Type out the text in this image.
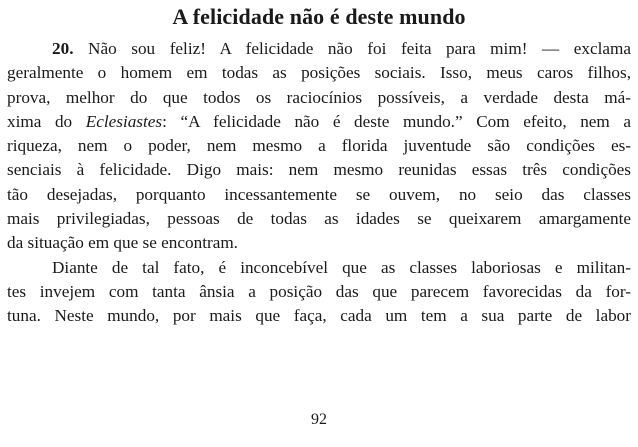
A felicidade não é deste mundo
20. Não sou feliz! A felicidade não foi feita para mim! — exclama
geralmente o homem em todas as posições sociais. Isso, meus caros filhos,
prova, melhor do que todos os raciocínios possíveis, a verdade desta má-
xima do Eclesiastes: “A felicidade não é deste mundo.” Com efeito, nem a
riqueza, nem o poder, nem mesmo a florida juventude são condições es-
senciais à felicidade. Digo mais: nem mesmo reunidas essas três condições
tão desejadas, porquanto incessantemente se ouvem, no seio das classes
mais privilegiadas, pessoas de todas as idades se queixarem amargamente
da situação em que se encontram.
Diante de tal fato, é inconcebível que as classes laboriosas e militan-
tes invejem com tanta ânsia a posição das que parecem favorecidas da for-
tuna. Neste mundo, por mais que faça, cada um tem a sua parte de labor
92
